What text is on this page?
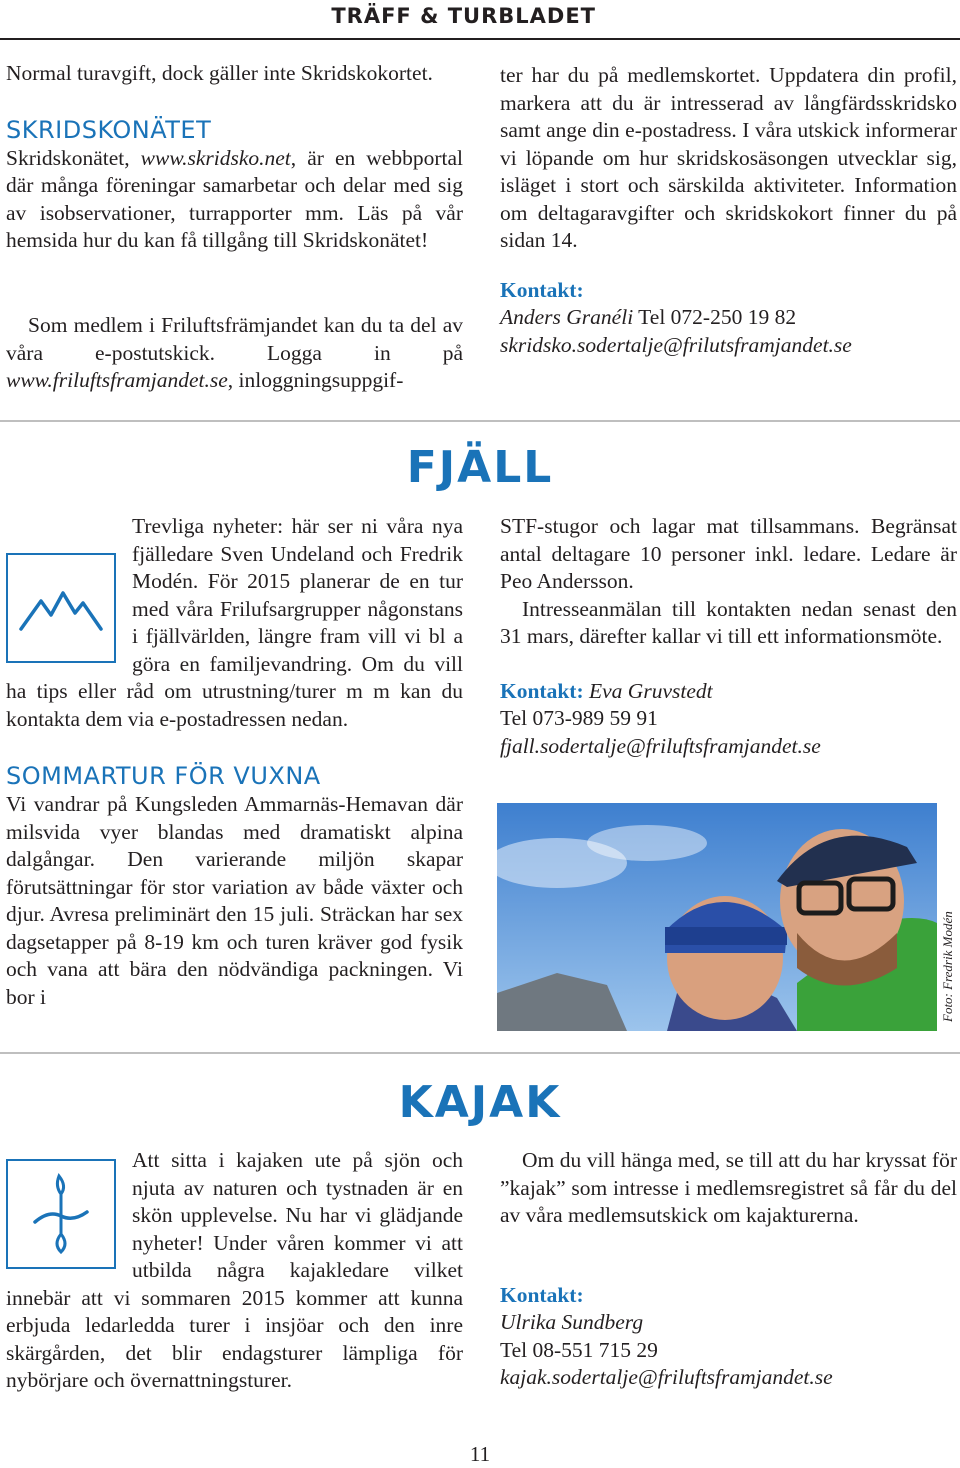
TRÄFF & TURBLADET

Normal turavgift, dock gäller inte Skridskokortet.

SKRIDSKONÄTET

Skridskonätet, www.skridsko.net, är en webbportal där många föreningar samarbetar och delar med sig av isobservationer, turrapporter mm. Läs på vår hemsida hur du kan få tillgång till Skridskonätet!

Som medlem i Friluftsfrämjandet kan du ta del av våra e-postutskick. Logga in på www.friluftsframjandet.se, inloggningsuppgif-

ter har du på medlemskortet. Uppdatera din profil, markera att du är intresserad av långfärdsskridsko samt ange din e-postadress. I våra utskick informerar vi löpande om hur skridskosäsongen utvecklar sig, isläget i stort och särskilda aktiviteter. Information om deltagaravgifter och skridskokort finner du på sidan 14.

Kontakt:
Anders Granéli Tel 072-250 19 82
skridsko.sodertalje@frilutsframjandet.se

FJÄLL

Trevliga nyheter: här ser ni våra nya fjälledare Sven Undeland och Fredrik Modén. För 2015 planerar de en tur med våra Frilufsargrupper någonstans i fjällvärlden, längre fram vill vi bl a göra en familjevandring. Om du vill ha tips eller råd om utrustning/turer m m kan du kontakta dem via e-postadressen nedan.

SOMMARTUR FÖR VUXNA

Vi vandrar på Kungsleden Ammarnäs-Hemavan där milsvida vyer blandas med dramatiskt alpina dalgångar. Den varierande miljön skapar förutsättningar för stor variation av både växter och djur. Avresa preliminärt den 15 juli. Sträckan har sex dagsetapper på 8-19 km och turen kräver god fysik och vana att bära den nödvändiga packningen. Vi bor i

STF-stugor och lagar mat tillsammans. Begränsat antal deltagare 10 personer inkl. ledare. Ledare är Peo Andersson.

Intresseanmälan till kontakten nedan senast den 31 mars, därefter kallar vi till ett informationsmöte.

Kontakt: Eva Gruvstedt
Tel 073-989 59 91
fjall.sodertalje@friluftsframjandet.se

Foto: Fredrik Modén
KAJAK

Att sitta i kajaken ute på sjön och njuta av naturen och tystnaden är en skön upplevelse. Nu har vi glädjande nyheter! Under våren kommer vi att utbilda några kajakledare vilket innebär att vi sommaren 2015 kommer att kunna erbjuda ledarledda turer i insjöar och den inre skärgården, det blir endagsturer lämpliga för nybörjare och övernattningsturer.

Om du vill hänga med, se till att du har kryssat för ”kajak” som intresse i medlemsregistret så får du del av våra medlemsutskick om kajakturerna.

Kontakt:
Ulrika Sundberg
Tel 08-551 715 29
kajak.sodertalje@friluftsframjandet.se

11
